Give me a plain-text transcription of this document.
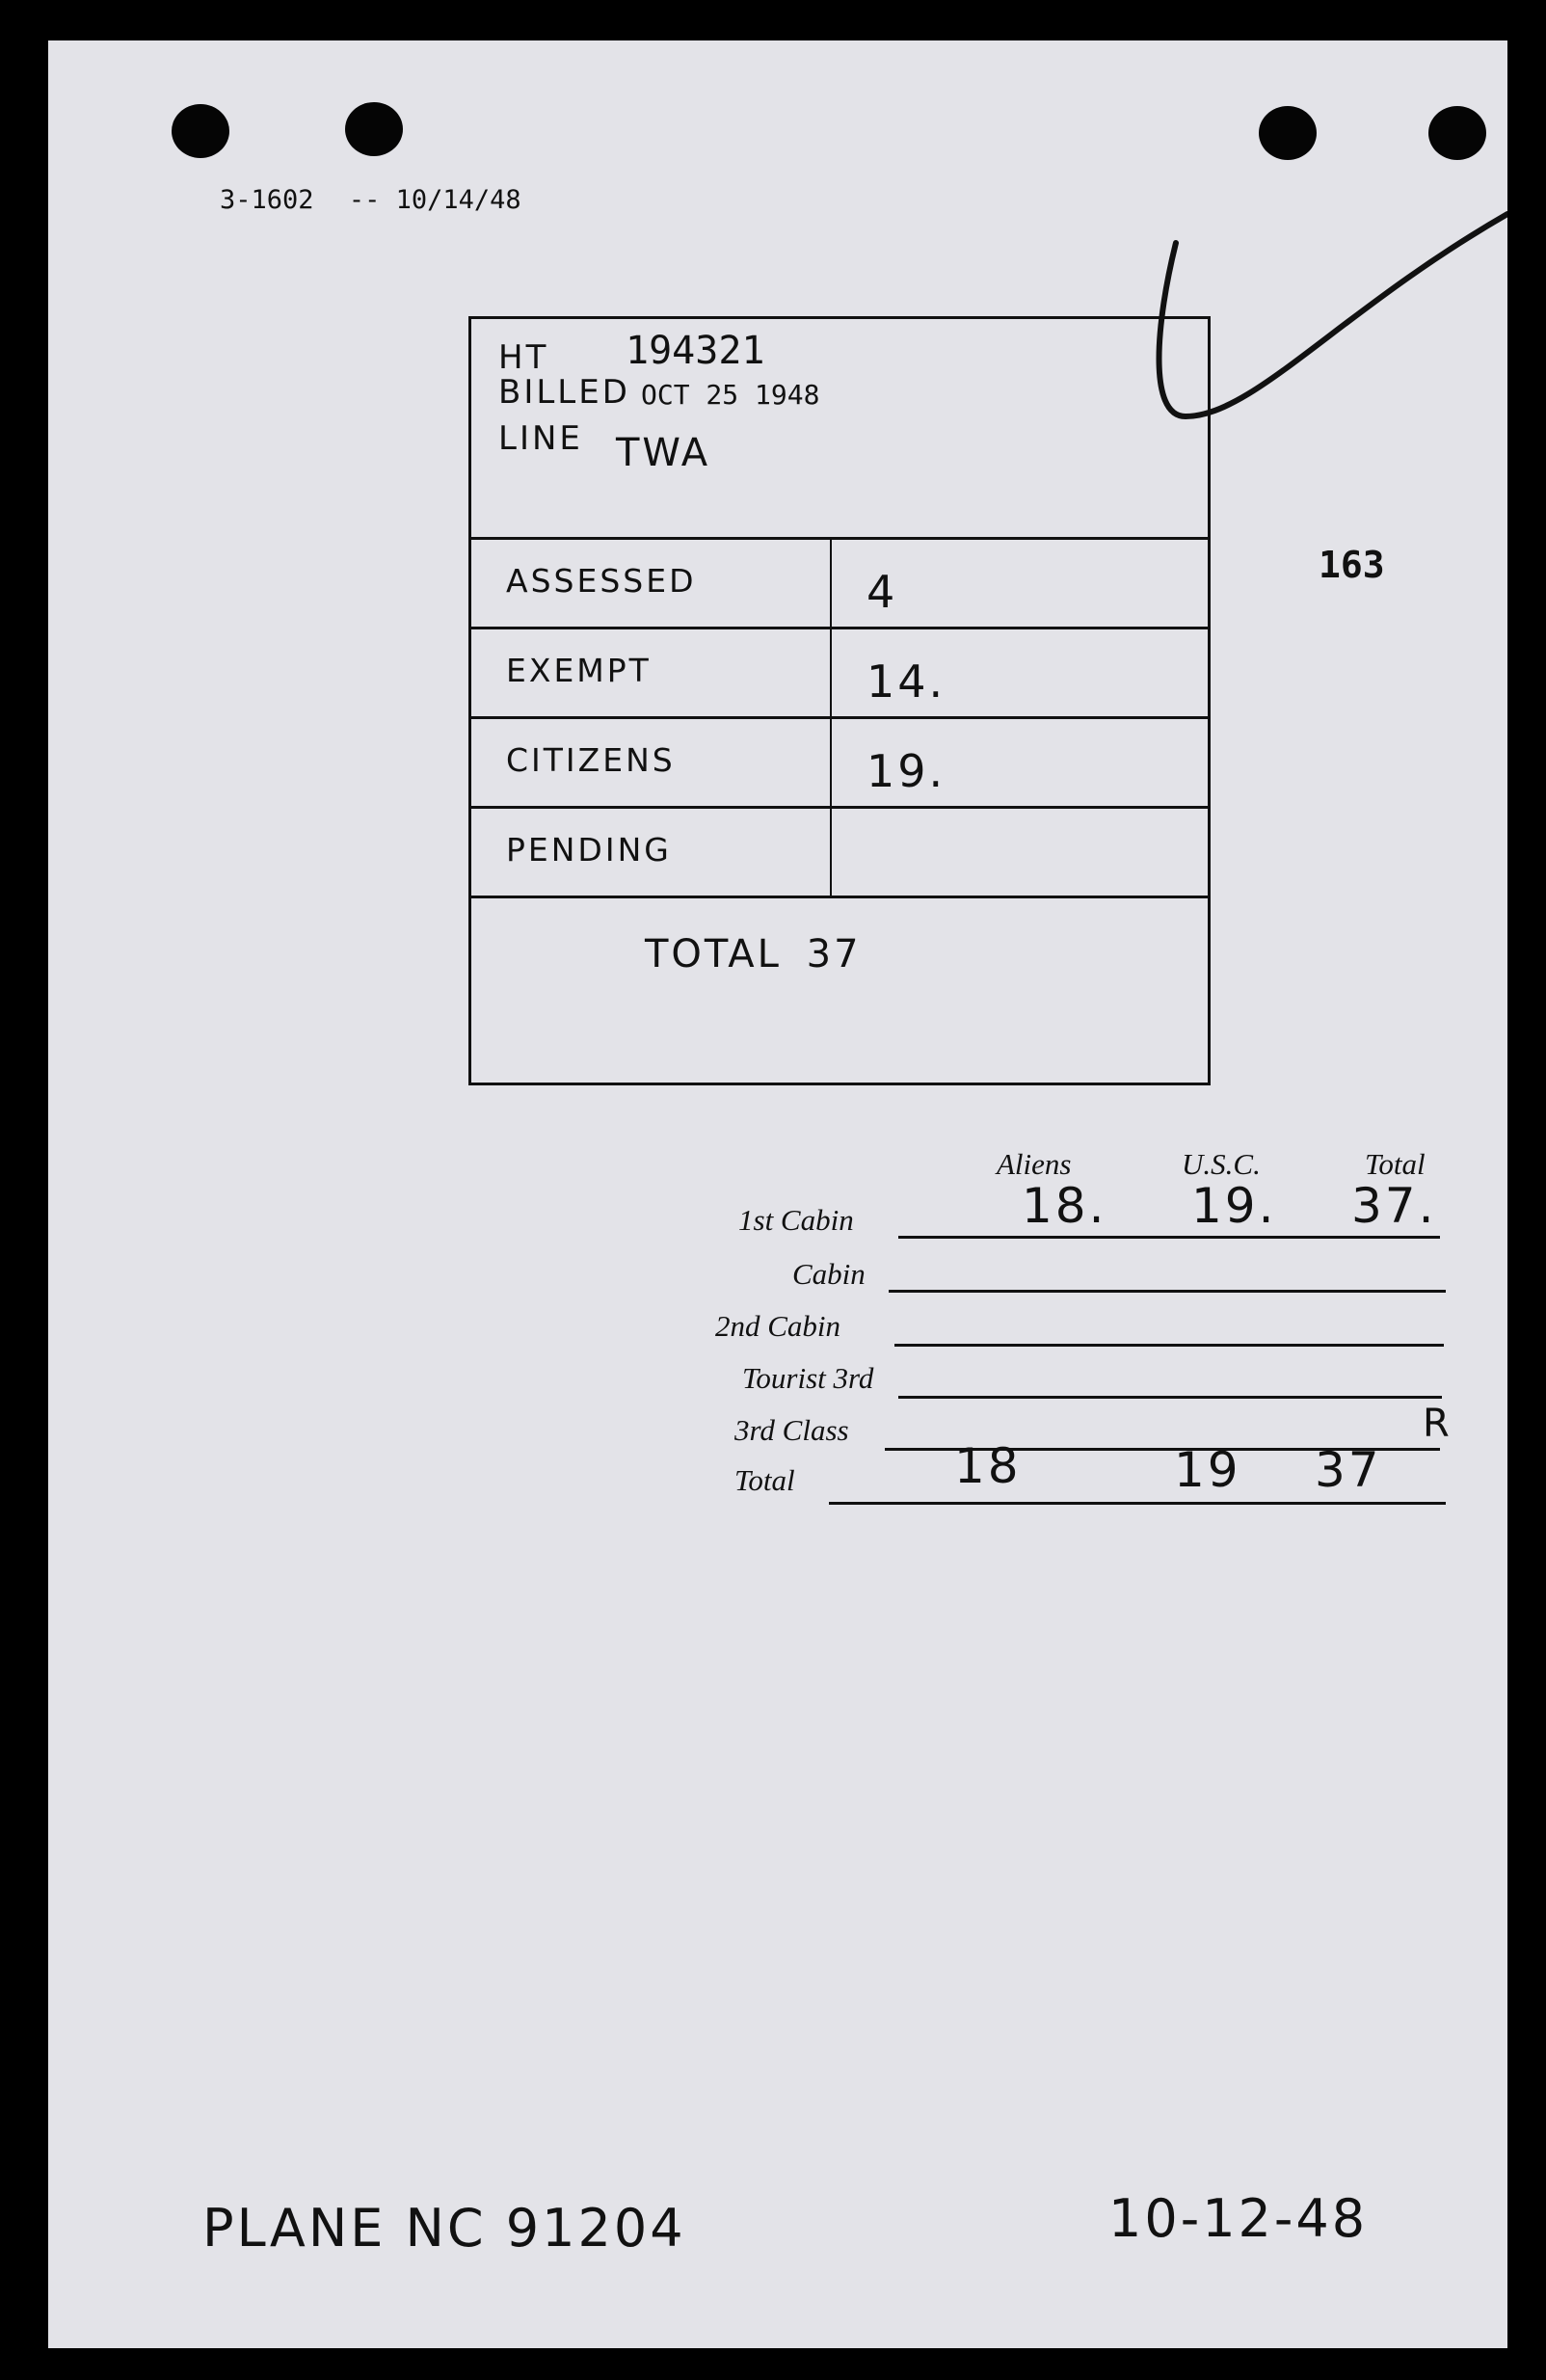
3-1602 -- 10/14/48
HT 194321
BILLED OCT 25 1948
LINE TWA
ASSESSED	4
EXEMPT	14.
CITIZENS	19.
PENDING
TOTAL 37
163
Aliens	U.S.C.	Total
1st Cabin	18. 19. 37.
Cabin
2nd Cabin
Tourist 3rd
3rd Class	R
Total	18	19 37
PLANE NC 91204	10-12-48
